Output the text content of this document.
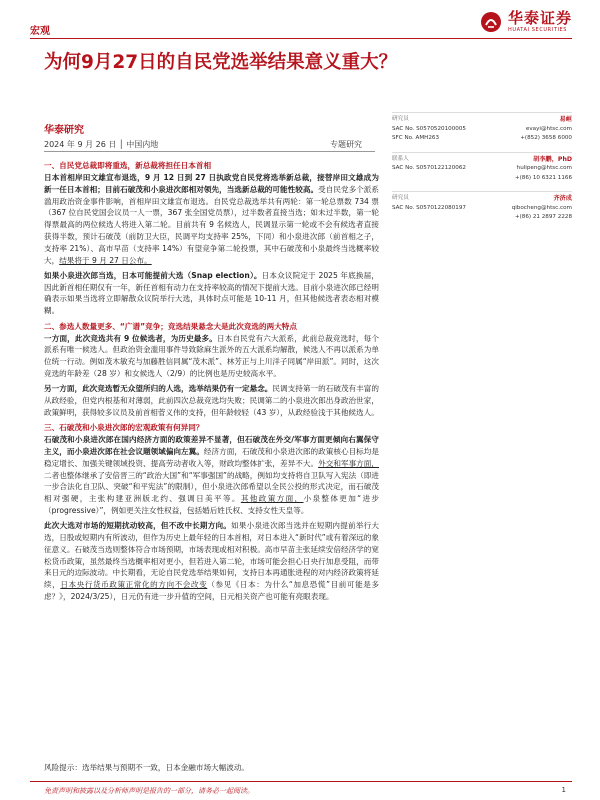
宏观
华泰证券
HUATAI SECURITIES
为何9月27日的自民党选举结果意义重大？
华泰研究
2024 年 9 月 26 日 │ 中国内地	专题研究
一、自民党总裁即将重选，新总裁将担任日本首相

日本首相岸田文雄宣布退选，9 月 12 日到 27 日执政党自民党将选举新总裁，接替岸田文雄成为新一任日本首相；目前石破茂和小泉进次郎相对领先，当选新总裁的可能性较高。受自民党多个派系滥用政治资金事件影响，首相岸田文雄宣布退选。自民党总裁选举共有两轮：第一轮总票数 734 票（367 位自民党国会议员一人一票，367 张全国党员票），过半数者直接当选；如未过半数，第一轮得票最高的两位候选人将进入第二轮。目前共有 9 名候选人，民调显示第一轮或不会有候选者直接获得半数，预计石破茂（前防卫大臣，民调平均支持率 25%，下同）和小泉进次郎（前首相之子，支持率 21%）、高市早苗（支持率 14%）有望竞争第二轮投票，其中石破茂和小泉最终当选概率较大，结果将于 9 月 27 日公布。

如果小泉进次郎当选，日本可能提前大选（Snap election）。日本众议院定于 2025 年底换届，因此新首相任期仅有一年，新任首相有动力在支持率较高的情况下提前大选。目前小泉进次郎已经明确表示如果当选将立即解散众议院举行大选，具体时点可能是 10-11 月，但其他候选者表态相对模糊。

二、参选人数量更多、“广谱”竞争；竞选结果悬念大是此次竞选的两大特点

一方面，此次竞选共有 9 位候选者，为历史最多。日本自民党有六大派系，此前总裁竞选时，每个派系有唯一候选人。但政治资金滥用事件导致除麻生派外的五大派系均解散，候选人不再以派系为单位统一行动。例如茂木敏充与加藤胜信同属“茂木派”、林芳正与上川洋子同属“岸田派”。同时，这次竞选的年龄差（28 岁）和女候选人（2/9）的比例也是历史较高水平。

另一方面，此次竞选暂无众望所归的人选，选举结果仍有一定悬念。民调支持第一的石破茂有丰富的从政经验，但党内根基和对薄弱，此前四次总裁竞选均失败；民调第二的小泉进次郎出身政治世家，政策鲜明，获得较多议员及前首相菅义伟的支持，但年龄较轻（43 岁），从政经验浅于其他候选人。

三、石破茂和小泉进次郎的宏观政策有何异同？

石破茂和小泉进次郎在国内经济方面的政策差异不显著，但石破茂在外交/军事方面更倾向右翼保守主义，而小泉进次郎在社会议题领域偏向左翼。经济方面，石破茂和小泉进次郎的政策核心目标均是稳定增长、加强关键领域投资、提高劳动者收入等，财政均整体扩张，差异不大。外交和军事方面，二者也整体继承了安倍晋三的“政治大国”和“军事强国”的战略，例如均支持将自卫队写入宪法（即进一步合法化自卫队、突破“和平宪法”的限制），但小泉进次郎希望以全民公投的形式决定，而石破茂相对强硬，主张构建亚洲版北约、强调日美平等。其他政策方面，小泉整体更加“进步（progressive）”，例如更关注女性权益，包括婚后姓氏权、支持女性天皇等。

此次大选对市场的短期扰动较高，但不改中长期方向。如果小泉进次郎当选并在短期内提前举行大选，日股或短期内有所波动，但作为历史上最年轻的日本首相，对日本进入“新时代”或有着深远的象征意义。石破茂当选则整体符合市场预期，市场表现或相对积极。高市早苗主张延续安倍经济学的宽松货币政策，虽然最终当选概率相对更小，但若进入第二轮，市场可能会担心日央行加息受阻，而带来日元的边际波动。中长期看，无论自民党选举结果如何，支持日本再通胀进程的对内经济政策将延续，日本央行货币政策正常化的方向不会改变（参见《日本：为什么“加息恐慌”目前可能是多虑？》，2024/3/25），日元仍有进一步升值的空间，日元相关资产也可能有亮眼表现。

风险提示：选举结果与预期不一致，日本金融市场大幅波动。
研究员	易峘
SAC No. S0570520100005	evayi@htsc.com
SFC No. AMH263	+(852) 3658 6000
联系人	胡李鹏，PhD
SAC No. S0570122120062	hulipeng@htsc.com
+(86) 10 6321 1166
研究员	齐济成
SAC No. S0570122080197	qibocheng@htsc.com
+(86) 21 2897 2228
免责声明和披露以及分析师声明是报告的一部分，请务必一起阅读。	1
